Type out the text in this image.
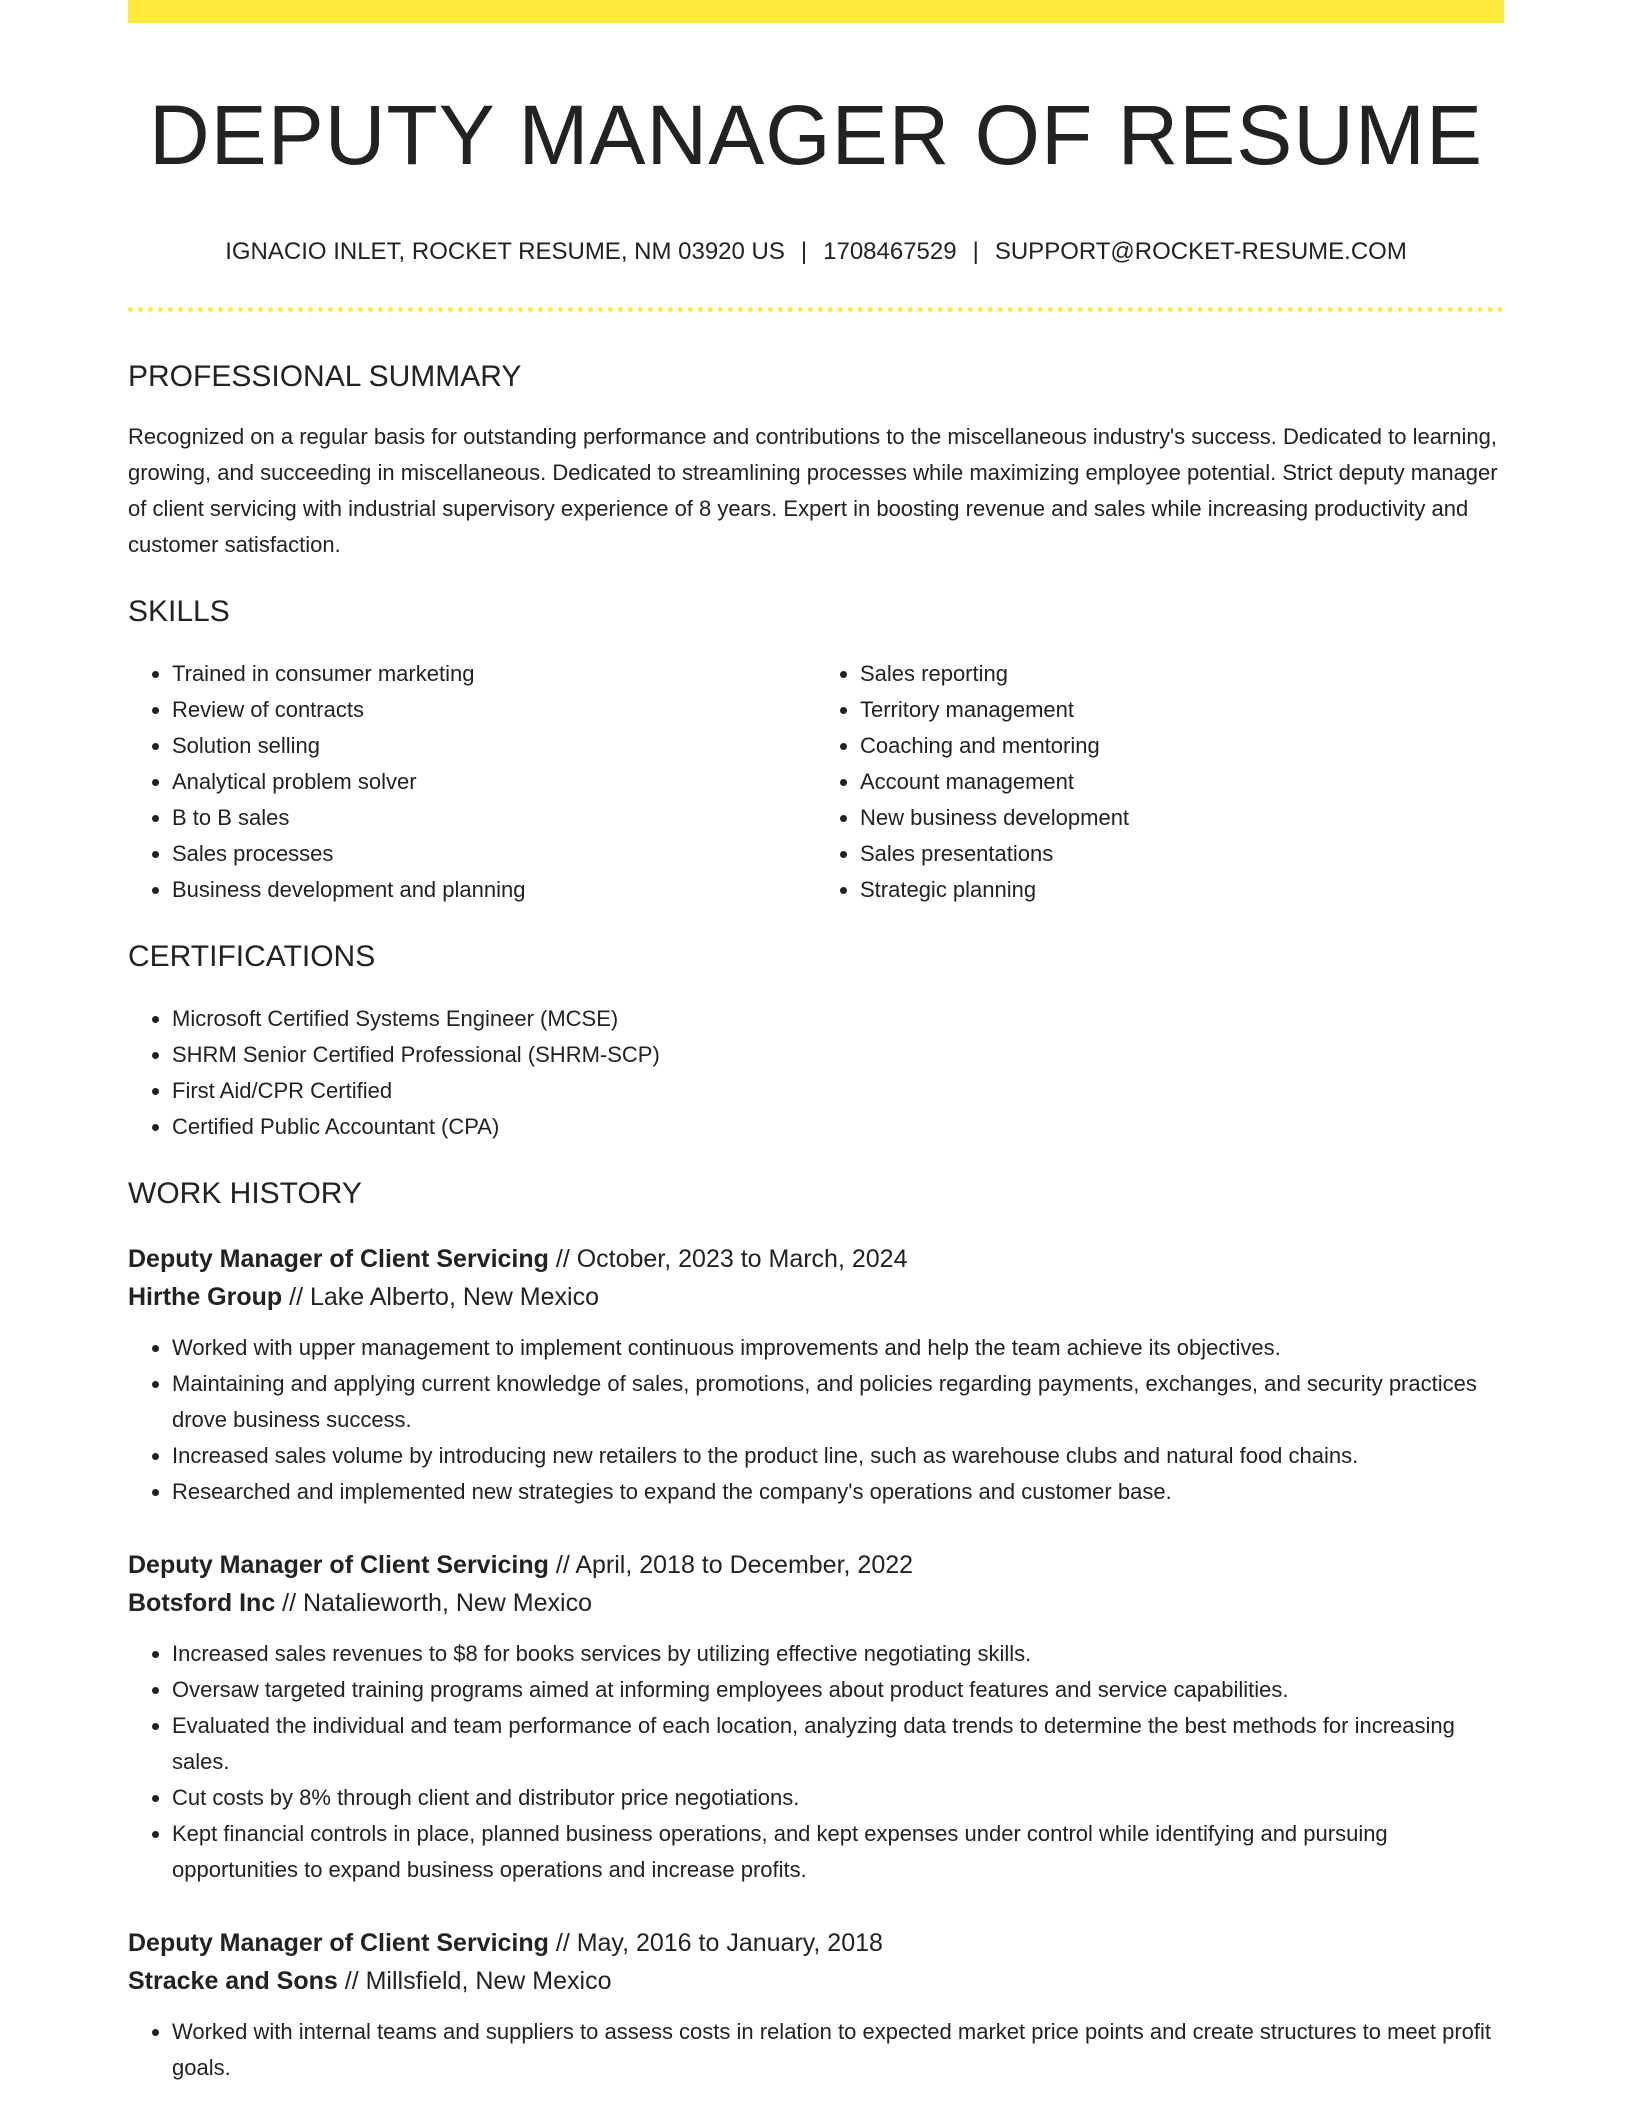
DEPUTY MANAGER OF RESUME
IGNACIO INLET, ROCKET RESUME, NM 03920 US | 1708467529 | SUPPORT@ROCKET-RESUME.COM
PROFESSIONAL SUMMARY

Recognized on a regular basis for outstanding performance and contributions to the miscellaneous industry's success. Dedicated to learning, growing, and succeeding in miscellaneous. Dedicated to streamlining processes while maximizing employee potential. Strict deputy manager of client servicing with industrial supervisory experience of 8 years. Expert in boosting revenue and sales while increasing productivity and customer satisfaction.

SKILLS
• Trained in consumer marketing
• Review of contracts
• Solution selling
• Analytical problem solver
• B to B sales
• Sales processes
• Business development and planning
• Sales reporting
• Territory management
• Coaching and mentoring
• Account management
• New business development
• Sales presentations
• Strategic planning
CERTIFICATIONS
• Microsoft Certified Systems Engineer (MCSE)
• SHRM Senior Certified Professional (SHRM-SCP)
• First Aid/CPR Certified
• Certified Public Accountant (CPA)
WORK HISTORY
Deputy Manager of Client Servicing // October, 2023 to March, 2024
Hirthe Group // Lake Alberto, New Mexico
• Worked with upper management to implement continuous improvements and help the team achieve its objectives.
• Maintaining and applying current knowledge of sales, promotions, and policies regarding payments, exchanges, and security practices drove business success.
• Increased sales volume by introducing new retailers to the product line, such as warehouse clubs and natural food chains.
• Researched and implemented new strategies to expand the company's operations and customer base.
Deputy Manager of Client Servicing // April, 2018 to December, 2022
Botsford Inc // Natalieworth, New Mexico
• Increased sales revenues to $8 for books services by utilizing effective negotiating skills.
• Oversaw targeted training programs aimed at informing employees about product features and service capabilities.
• Evaluated the individual and team performance of each location, analyzing data trends to determine the best methods for increasing sales.
• Cut costs by 8% through client and distributor price negotiations.
• Kept financial controls in place, planned business operations, and kept expenses under control while identifying and pursuing opportunities to expand business operations and increase profits.
Deputy Manager of Client Servicing // May, 2016 to January, 2018
Stracke and Sons // Millsfield, New Mexico
• Worked with internal teams and suppliers to assess costs in relation to expected market price points and create structures to meet profit goals.
